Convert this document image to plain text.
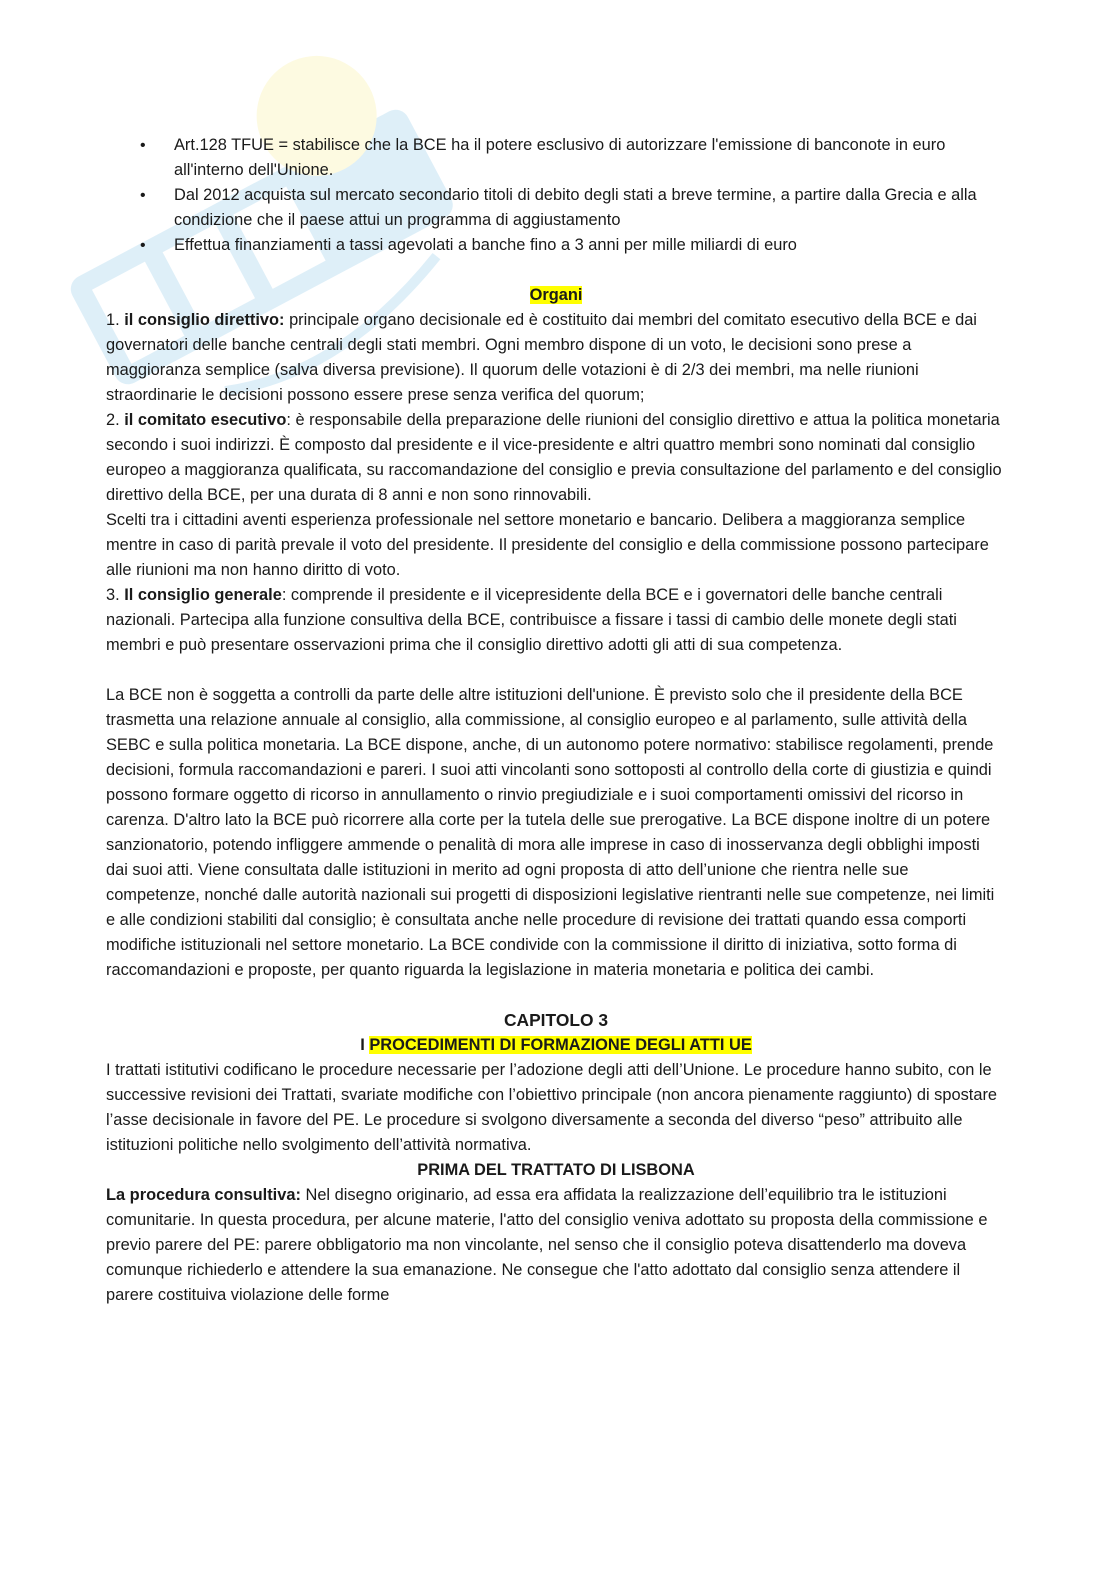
• Art.128 TFUE = stabilisce che la BCE ha il potere esclusivo di autorizzare l'emissione di banconote in euro all'interno dell'Unione.
• Dal 2012 acquista sul mercato secondario titoli di debito degli stati a breve termine, a partire dalla Grecia e alla condizione che il paese attui un programma di aggiustamento
• Effettua finanziamenti a tassi agevolati a banche fino a 3 anni per mille miliardi di euro
Organi

1. il consiglio direttivo: principale organo decisionale ed è costituito dai membri del comitato esecutivo della BCE e dai governatori delle banche centrali degli stati membri. Ogni membro dispone di un voto, le decisioni sono prese a maggioranza semplice (salva diversa previsione). Il quorum delle votazioni è di 2/3 dei membri, ma nelle riunioni straordinarie le decisioni possono essere prese senza verifica del quorum;

2. il comitato esecutivo: è responsabile della preparazione delle riunioni del consiglio direttivo e attua la politica monetaria secondo i suoi indirizzi. È composto dal presidente e il vice-presidente e altri quattro membri sono nominati dal consiglio europeo a maggioranza qualificata, su raccomandazione del consiglio e previa consultazione del parlamento e del consiglio direttivo della BCE, per una durata di 8 anni e non sono rinnovabili.

Scelti tra i cittadini aventi esperienza professionale nel settore monetario e bancario. Delibera a maggioranza semplice mentre in caso di parità prevale il voto del presidente. Il presidente del consiglio e della commissione possono partecipare alle riunioni ma non hanno diritto di voto.

3. Il consiglio generale: comprende il presidente e il vicepresidente della BCE e i governatori delle banche centrali nazionali. Partecipa alla funzione consultiva della BCE, contribuisce a fissare i tassi di cambio delle monete degli stati membri e può presentare osservazioni prima che il consiglio direttivo adotti gli atti di sua competenza.

La BCE non è soggetta a controlli da parte delle altre istituzioni dell'unione. È previsto solo che il presidente della BCE trasmetta una relazione annuale al consiglio, alla commissione, al consiglio europeo e al parlamento, sulle attività della SEBC e sulla politica monetaria. La BCE dispone, anche, di un autonomo potere normativo: stabilisce regolamenti, prende decisioni, formula raccomandazioni e pareri. I suoi atti vincolanti sono sottoposti al controllo della corte di giustizia e quindi possono formare oggetto di ricorso in annullamento o rinvio pregiudiziale e i suoi comportamenti omissivi del ricorso in carenza. D'altro lato la BCE può ricorrere alla corte per la tutela delle sue prerogative. La BCE dispone inoltre di un potere sanzionatorio, potendo infliggere ammende o penalità di mora alle imprese in caso di inosservanza degli obblighi imposti dai suoi atti. Viene consultata dalle istituzioni in merito ad ogni proposta di atto dell’unione che rientra nelle sue competenze, nonché dalle autorità nazionali sui progetti di disposizioni legislative rientranti nelle sue competenze, nei limiti e alle condizioni stabiliti dal consiglio; è consultata anche nelle procedure di revisione dei trattati quando essa comporti modifiche istituzionali nel settore monetario. La BCE condivide con la commissione il diritto di iniziativa, sotto forma di raccomandazioni e proposte, per quanto riguarda la legislazione in materia monetaria e politica dei cambi.

CAPITOLO 3
I PROCEDIMENTI DI FORMAZIONE DEGLI ATTI UE

I trattati istitutivi codificano le procedure necessarie per l’adozione degli atti dell’Unione. Le procedure hanno subito, con le successive revisioni dei Trattati, svariate modifiche con l’obiettivo principale (non ancora pienamente raggiunto) di spostare l’asse decisionale in favore del PE. Le procedure si svolgono diversamente a seconda del diverso “peso” attribuito alle istituzioni politiche nello svolgimento dell’attività normativa.

PRIMA DEL TRATTATO DI LISBONA

La procedura consultiva: Nel disegno originario, ad essa era affidata la realizzazione dell’equilibrio tra le istituzioni comunitarie. In questa procedura, per alcune materie, l'atto del consiglio veniva adottato su proposta della commissione e previo parere del PE: parere obbligatorio ma non vincolante, nel senso che il consiglio poteva disattenderlo ma doveva comunque richiederlo e attendere la sua emanazione. Ne consegue che l'atto adottato dal consiglio senza attendere il parere costituiva violazione delle forme
